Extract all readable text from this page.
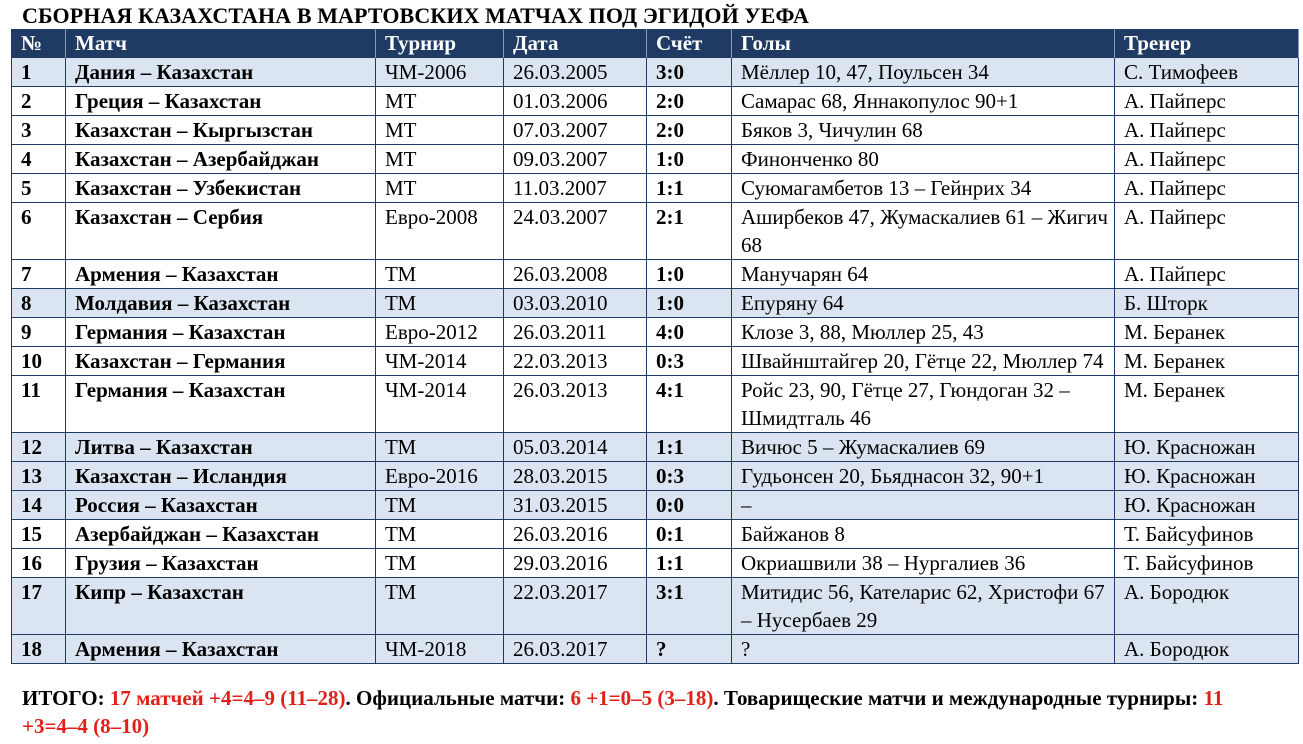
СБОРНАЯ КАЗАХСТАНА В МАРТОВСКИХ МАТЧАХ ПОД ЭГИДОЙ УЕФА
№	Матч	Турнир	Дата	Счёт	Голы	Тренер
1	Дания – Казахстан	ЧМ-2006	26.03.2005	3:0	Мёллер 10, 47, Поульсен 34	С. Тимофеев
2	Греция – Казахстан	МТ	01.03.2006	2:0	Самарас 68, Яннакопулос 90+1	А. Пайперс
3	Казахстан – Кыргызстан	МТ	07.03.2007	2:0	Бяков 3, Чичулин 68	А. Пайперс
4	Казахстан – Азербайджан	МТ	09.03.2007	1:0	Финонченко 80	А. Пайперс
5	Казахстан – Узбекистан	МТ	11.03.2007	1:1	Суюмагамбетов 13 – Гейнрих 34	А. Пайперс
6	Казахстан – Сербия	Евро-2008	24.03.2007	2:1	Аширбеков 47, Жумаскалиев 61 – Жигич 68	А. Пайперс
7	Армения – Казахстан	ТМ	26.03.2008	1:0	Манучарян 64	А. Пайперс
8	Молдавия – Казахстан	ТМ	03.03.2010	1:0	Епуряну 64	Б. Шторк
9	Германия – Казахстан	Евро-2012	26.03.2011	4:0	Клозе 3, 88, Мюллер 25, 43	М. Беранек
10	Казахстан – Германия	ЧМ-2014	22.03.2013	0:3	Швайнштайгер 20, Гётце 22, Мюллер 74	М. Беранек
11	Германия – Казахстан	ЧМ-2014	26.03.2013	4:1	Ройс 23, 90, Гётце 27, Гюндоган 32 – Шмидтгаль 46	М. Беранек
12	Литва – Казахстан	ТМ	05.03.2014	1:1	Вичюс 5 – Жумаскалиев 69	Ю. Красножан
13	Казахстан – Исландия	Евро-2016	28.03.2015	0:3	Гудьонсен 20, Бьяднасон 32, 90+1	Ю. Красножан
14	Россия – Казахстан	ТМ	31.03.2015	0:0	–	Ю. Красножан
15	Азербайджан – Казахстан	ТМ	26.03.2016	0:1	Байжанов 8	Т. Байсуфинов
16	Грузия – Казахстан	ТМ	29.03.2016	1:1	Окриашвили 38 – Нургалиев 36	Т. Байсуфинов
17	Кипр – Казахстан	ТМ	22.03.2017	3:1	Митидис 56, Кателарис 62, Христофи 67 – Нусербаев 29	А. Бородюк
18	Армения – Казахстан	ЧМ-2018	26.03.2017	?	?	А. Бородюк
ИТОГО: 17 матчей +4=4–9 (11–28). Официальные матчи: 6 +1=0–5 (3–18). Товарищеские матчи и международные турниры: 11 +3=4–4 (8–10)
